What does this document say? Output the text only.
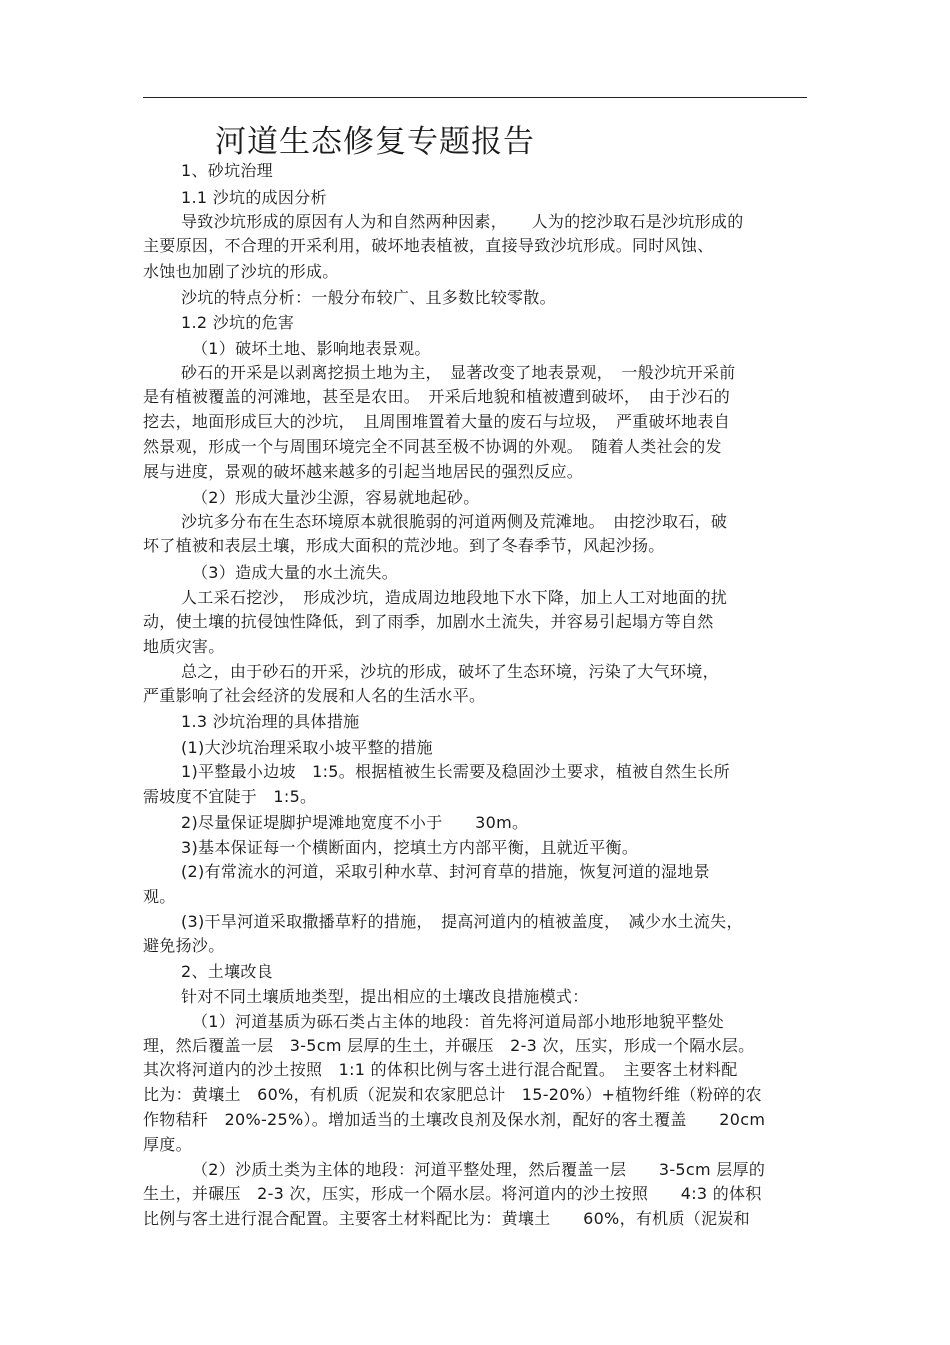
河道生态修复专题报告
1、砂坑治理
1.1 沙坑的成因分析
导致沙坑形成的原因有人为和自然两种因素，　　人为的挖沙取石是沙坑形成的
主要原因，不合理的开采利用，破坏地表植被，直接导致沙坑形成。同时风蚀、
水蚀也加剧了沙坑的形成。
沙坑的特点分析：一般分布较广、且多数比较零散。
1.2 沙坑的危害
（1）破坏土地、影响地表景观。
砂石的开采是以剥离挖损土地为主，　显著改变了地表景观，　一般沙坑开采前
是有植被覆盖的河滩地，甚至是农田。　开采后地貌和植被遭到破坏，　由于沙石的
挖去，地面形成巨大的沙坑，　且周围堆置着大量的废石与垃圾，　严重破坏地表自
然景观，形成一个与周围环境完全不同甚至极不协调的外观。　随着人类社会的发
展与进度，景观的破坏越来越多的引起当地居民的强烈反应。
（2）形成大量沙尘源，容易就地起砂。
沙坑多分布在生态环境原本就很脆弱的河道两侧及荒滩地。　由挖沙取石，破
坏了植被和表层土壤，形成大面积的荒沙地。到了冬春季节，风起沙扬。
（3）造成大量的水土流失。
人工采石挖沙，　形成沙坑，造成周边地段地下水下降，加上人工对地面的扰
动，使土壤的抗侵蚀性降低，到了雨季，加剧水土流失，并容易引起塌方等自然
地质灾害。
总之，由于砂石的开采，沙坑的形成，破坏了生态环境，污染了大气环境，
严重影响了社会经济的发展和人名的生活水平。
1.3 沙坑治理的具体措施
(1)大沙坑治理采取小坡平整的措施
1)平整最小边坡　1:5。根据植被生长需要及稳固沙土要求，植被自然生长所
需坡度不宜陡于　1:5。
2)尽量保证堤脚护堤滩地宽度不小于　　30m。
3)基本保证每一个横断面内，挖填土方内部平衡，且就近平衡。
(2)有常流水的河道，采取引种水草、封河育草的措施，恢复河道的湿地景
观。
(3)干旱河道采取撒播草籽的措施，　提高河道内的植被盖度，　减少水土流失，
避免扬沙。
2、土壤改良
针对不同土壤质地类型，提出相应的土壤改良措施模式：
（1）河道基质为砾石类占主体的地段：首先将河道局部小地形地貌平整处
理，然后覆盖一层　3-5cm 层厚的生土，并碾压　2-3 次，压实，形成一个隔水层。
其次将河道内的沙土按照　1:1 的体积比例与客土进行混合配置。　主要客土材料配
比为：黄壤土　60%，有机质（泥炭和农家肥总计　15-20%）+植物纤维（粉碎的农
作物秸秆　20%-25%）。增加适当的土壤改良剂及保水剂，配好的客土覆盖　　20cm
厚度。
（2）沙质土类为主体的地段：河道平整处理，然后覆盖一层　　3-5cm 层厚的
生土，并碾压　2-3 次，压实，形成一个隔水层。将河道内的沙土按照　　4:3 的体积
比例与客土进行混合配置。主要客土材料配比为：黄壤土　　60%，有机质（泥炭和
